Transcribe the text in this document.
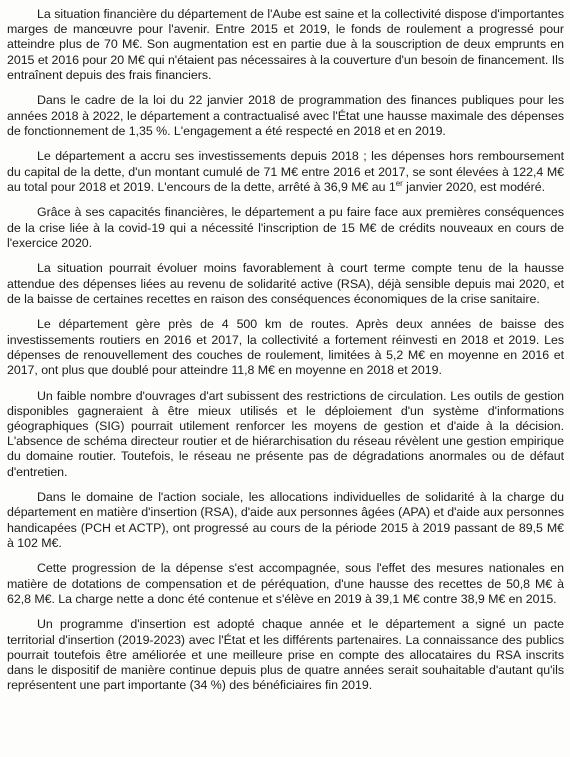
La situation financière du département de l'Aube est saine et la collectivité dispose d'importantes marges de manœuvre pour l'avenir. Entre 2015 et 2019, le fonds de roulement a progressé pour atteindre plus de 70 M€. Son augmentation est en partie due à la souscription de deux emprunts en 2015 et 2016 pour 20 M€ qui n'étaient pas nécessaires à la couverture d'un besoin de financement. Ils entraînent depuis des frais financiers.

Dans le cadre de la loi du 22 janvier 2018 de programmation des finances publiques pour les années 2018 à 2022, le département a contractualisé avec l'État une hausse maximale des dépenses de fonctionnement de 1,35 %. L'engagement a été respecté en 2018 et en 2019.

Le département a accru ses investissements depuis 2018 ; les dépenses hors remboursement du capital de la dette, d'un montant cumulé de 71 M€ entre 2016 et 2017, se sont élevées à 122,4 M€ au total pour 2018 et 2019. L'encours de la dette, arrêté à 36,9 M€ au 1er janvier 2020, est modéré.

Grâce à ses capacités financières, le département a pu faire face aux premières conséquences de la crise liée à la covid-19 qui a nécessité l'inscription de 15 M€ de crédits nouveaux en cours de l'exercice 2020.

La situation pourrait évoluer moins favorablement à court terme compte tenu de la hausse attendue des dépenses liées au revenu de solidarité active (RSA), déjà sensible depuis mai 2020, et de la baisse de certaines recettes en raison des conséquences économiques de la crise sanitaire.

Le département gère près de 4 500 km de routes. Après deux années de baisse des investissements routiers en 2016 et 2017, la collectivité a fortement réinvesti en 2018 et 2019. Les dépenses de renouvellement des couches de roulement, limitées à 5,2 M€ en moyenne en 2016 et 2017, ont plus que doublé pour atteindre 11,8 M€ en moyenne en 2018 et 2019.

Un faible nombre d'ouvrages d'art subissent des restrictions de circulation. Les outils de gestion disponibles gagneraient à être mieux utilisés et le déploiement d'un système d'informations géographiques (SIG) pourrait utilement renforcer les moyens de gestion et d'aide à la décision. L'absence de schéma directeur routier et de hiérarchisation du réseau révèlent une gestion empirique du domaine routier. Toutefois, le réseau ne présente pas de dégradations anormales ou de défaut d'entretien.

Dans le domaine de l'action sociale, les allocations individuelles de solidarité à la charge du département en matière d'insertion (RSA), d'aide aux personnes âgées (APA) et d'aide aux personnes handicapées (PCH et ACTP), ont progressé au cours de la période 2015 à 2019 passant de 89,5 M€ à 102 M€.

Cette progression de la dépense s'est accompagnée, sous l'effet des mesures nationales en matière de dotations de compensation et de péréquation, d'une hausse des recettes de 50,8 M€ à 62,8 M€. La charge nette a donc été contenue et s'élève en 2019 à 39,1 M€ contre 38,9 M€ en 2015.

Un programme d'insertion est adopté chaque année et le département a signé un pacte territorial d'insertion (2019-2023) avec l'État et les différents partenaires. La connaissance des publics pourrait toutefois être améliorée et une meilleure prise en compte des allocataires du RSA inscrits dans le dispositif de manière continue depuis plus de quatre années serait souhaitable d'autant qu'ils représentent une part importante (34 %) des bénéficiaires fin 2019.
